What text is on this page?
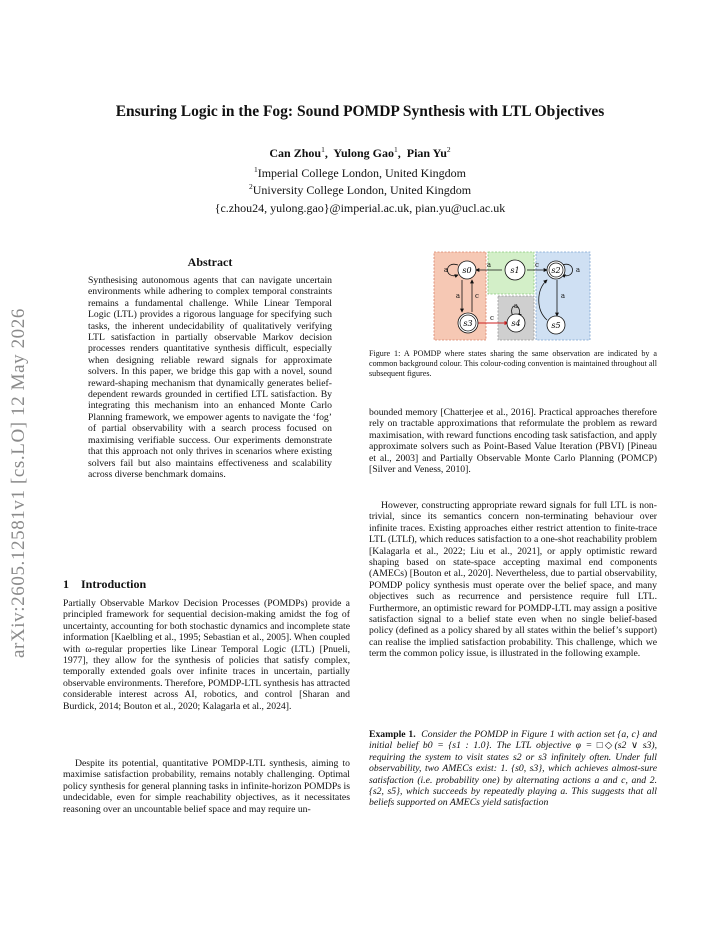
arXiv:2605.12581v1 [cs.LO] 12 May 2026
Ensuring Logic in the Fog: Sound POMDP Synthesis with LTL Objectives
Can Zhou$^1$,  Yulong Gao$^1$,  Pian Yu$^2$
$^1$Imperial College London, United Kingdom
$^2$University College London, United Kingdom
{c.zhou24, yulong.gao}@imperial.ac.uk, pian.yu@ucl.ac.uk
Abstract

Synthesising autonomous agents that can navigate uncertain environments while adhering to complex temporal constraints remains a fundamental challenge. While Linear Temporal Logic (LTL) provides a rigorous language for specifying such tasks, the inherent undecidability of qualitatively verifying LTL satisfaction in partially observable Markov decision processes renders quantitative synthesis difficult, especially when designing reliable reward signals for approximate solvers. In this paper, we bridge this gap with a novel, sound reward-shaping mechanism that dynamically generates belief-dependent rewards grounded in certified LTL satisfaction. By integrating this mechanism into an enhanced Monte Carlo Planning framework, we empower agents to navigate the ‘fog’ of partial observability with a search process focused on maximising verifiable success. Our experiments demonstrate that this approach not only thrives in scenarios where existing solvers fail but also maintains effectiveness and scalability across diverse benchmark domains.

1 Introduction

Partially Observable Markov Decision Processes (POMDPs) provide a principled framework for sequential decision-making amidst the fog of uncertainty, accounting for both stochastic dynamics and incomplete state information [Kaelbling et al., 1995; Sebastian et al., 2005]. When coupled with ω-regular properties like Linear Temporal Logic (LTL) [Pnueli, 1977], they allow for the synthesis of policies that satisfy complex, temporally extended goals over infinite traces in uncertain, partially observable environments. Therefore, POMDP-LTL synthesis has attracted considerable interest across AI, robotics, and control [Sharan and Burdick, 2014; Bouton et al., 2020; Kalagarla et al., 2024].

Despite its potential, quantitative POMDP-LTL synthesis, aiming to maximise satisfaction probability, remains notably challenging. Optimal policy synthesis for general planning tasks in infinite-horizon POMDPs is undecidable, even for simple reachability objectives, as it necessitates reasoning over an uncountable belief space and may require un-

a	c
a	a
a c	a
c
a
s0	s1	s2
s3	s4	s5

Figure 1: A POMDP where states sharing the same observation are indicated by a common background colour. This colour-coding convention is maintained throughout all subsequent figures.

bounded memory [Chatterjee et al., 2016]. Practical approaches therefore rely on tractable approximations that reformulate the problem as reward maximisation, with reward functions encoding task satisfaction, and apply approximate solvers such as Point-Based Value Iteration (PBVI) [Pineau et al., 2003] and Partially Observable Monte Carlo Planning (POMCP) [Silver and Veness, 2010].

However, constructing appropriate reward signals for full LTL is non-trivial, since its semantics concern non-terminating behaviour over infinite traces. Existing approaches either restrict attention to finite-trace LTL (LTLf), which reduces satisfaction to a one-shot reachability problem [Kalagarla et al., 2022; Liu et al., 2021], or apply optimistic reward shaping based on state-space accepting maximal end components (AMECs) [Bouton et al., 2020]. Nevertheless, due to partial observability, POMDP policy synthesis must operate over the belief space, and many objectives such as recurrence and persistence require full LTL. Furthermore, an optimistic reward for POMDP-LTL may assign a positive satisfaction signal to a belief state even when no single belief-based policy (defined as a policy shared by all states within the belief’s support) can realise the implied satisfaction probability. This challenge, which we term the common policy issue, is illustrated in the following example.

Example 1. Consider the POMDP in Figure 1 with action set {a, c} and initial belief b0 = {s1 : 1.0}. The LTL objective φ = □◇(s2 ∨ s3), requiring the system to visit states s2 or s3 infinitely often. Under full observability, two AMECs exist: 1. {s0, s3}, which achieves almost-sure satisfaction (i.e. probability one) by alternating actions a and c, and 2. {s2, s5}, which succeeds by repeatedly playing a. This suggests that all beliefs supported on AMECs yield satisfaction
